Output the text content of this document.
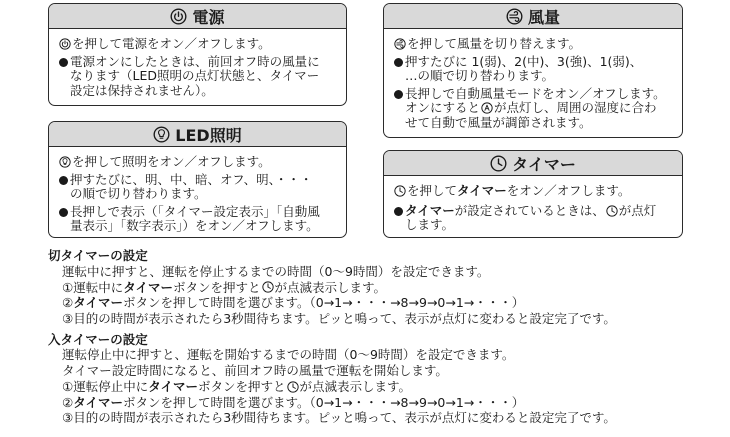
電源
を押して電源をオン／オフします。
電源オンにしたときは、前回オフ時の風量に
なります（LED照明の点灯状態と、タイマー
設定は保持されません）。
LED照明
を押して照明をオン／オフします。
押すたびに、明、中、暗、オフ、明、・・・
の順で切り替わります。
長押しで表示（「タイマー設定表示」「自動風
量表示」「数字表示」）をオン／オフします。
風量
を押して風量を切り替えます。
押すたびに 1(弱)、2(中)、3(強)、1(弱)、
…の順で切り替わります。
長押しで自動風量モードをオン／オフします。
オンにすると が点灯し、周囲の湿度に合わ
せて自動で風量が調節されます。
タイマー
を押して タイマー をオン／オフします。
タイマー が設定されているときは、 が点灯
します。
切タイマーの設定
運転中に押すと、運転を停止するまでの時間（0〜9時間）を設定できます。
①運転中に タイマー ボタンを押すと が点滅表示します。
② タイマー ボタンを押して時間を選びます。（0→1→・・・→8→9→0→1→・・・）
③目的の時間が表示されたら3秒間待ちます。ピッと鳴って、表示が点灯に変わると設定完了です。
入タイマーの設定
運転停止中に押すと、運転を開始するまでの時間（0〜9時間）を設定できます。
タイマー設定時間になると、前回オフ時の風量で運転を開始します。
①運転停止中に タイマー ボタンを押すと が点滅表示します。
② タイマー ボタンを押して時間を選びます。（0→1→・・・→8→9→0→1→・・・）
③目的の時間が表示されたら3秒間待ちます。ピッと鳴って、表示が点灯に変わると設定完了です。
